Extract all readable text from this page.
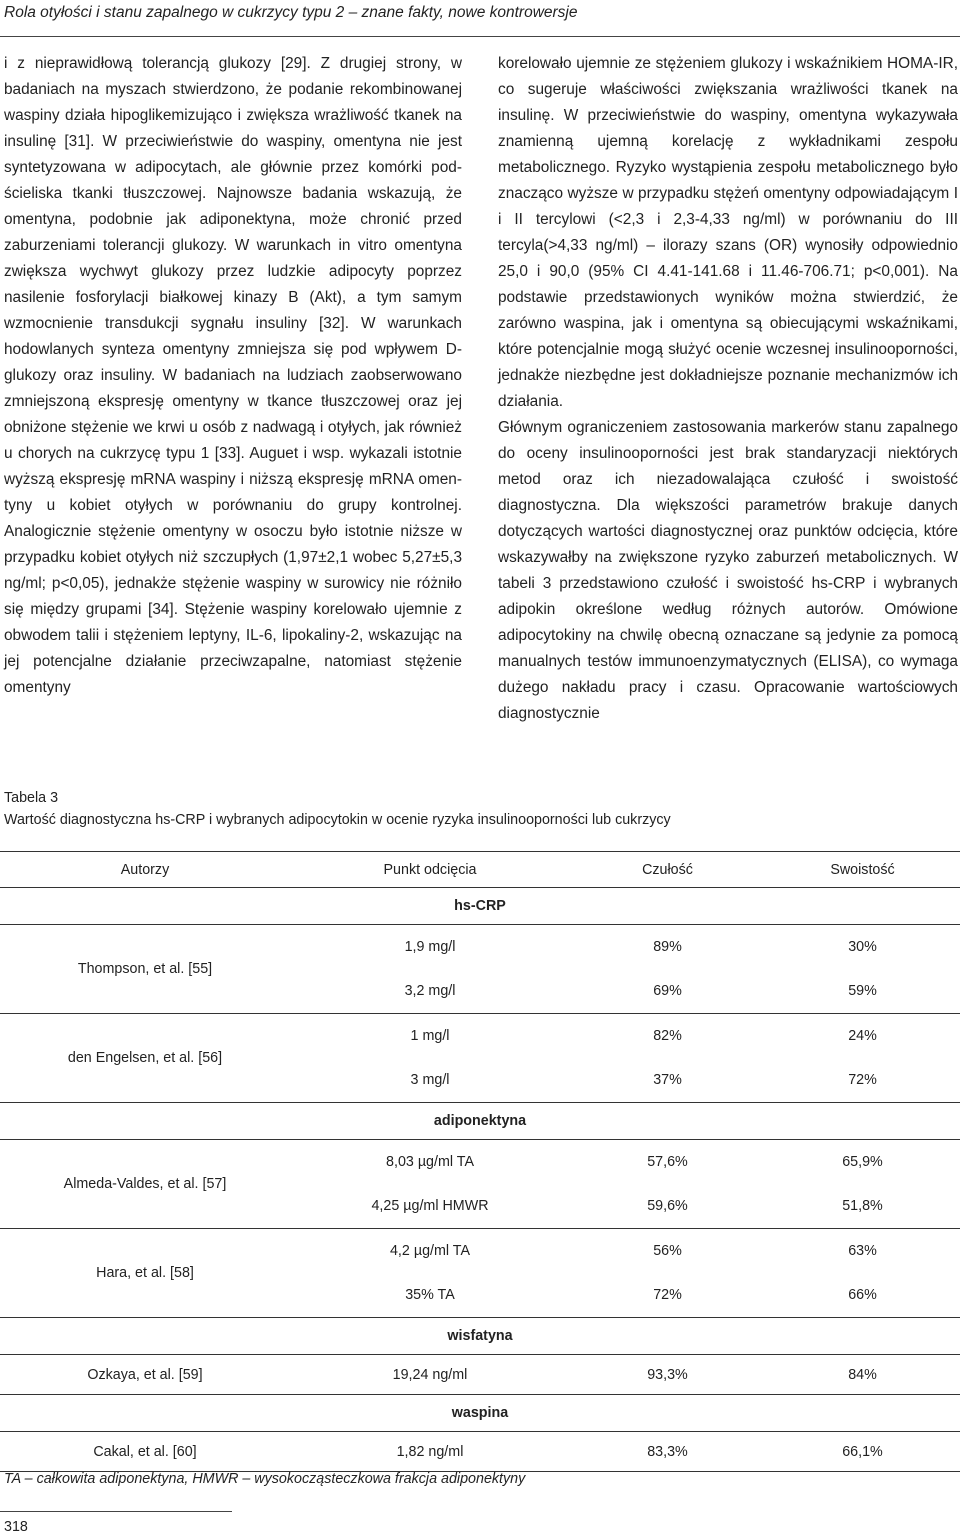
Rola otyłości i stanu zapalnego w cukrzycy typu 2 – znane fakty, nowe kontrowersje

i z nieprawidłową tolerancją glukozy [29]. Z drugiej strony, w badaniach na myszach stwierdzono, że podanie rekombinowanej waspiny działa hipoglikemizująco i zwiększa wrażliwość tkanek na insulinę [31]. W przeciwieństwie do waspiny, omentyna nie jest syntetyzowana w adipocytach, ale głównie przez komórki podścieliska tkanki tłuszczowej. Najnowsze badania wskazują, że omentyna, podobnie jak adiponektyna, może chronić przed zaburzeniami tolerancji glukozy. W warunkach in vitro omentyna zwiększa wychwyt glukozy przez ludzkie adipocyty poprzez nasilenie fosforylacji białkowej kinazy B (Akt), a tym samym wzmocnienie transdukcji sygnału insuliny [32]. W warunkach hodowlanych synteza omentyny zmniejsza się pod wpływem D-glukozy oraz insuliny. W badaniach na ludziach zaobserwowano zmniejszoną ekspresję omentyny w tkance tłuszczowej oraz jej obniżone stężenie we krwi u osób z nadwagą i otyłych, jak również u chorych na cukrzycę typu 1 [33]. Auguet i wsp. wykazali istotnie wyższą ekspresję mRNA waspiny i niższą ekspresję mRNA omentyny u kobiet otyłych w porównaniu do grupy kontrolnej. Analogicznie stężenie omentyny w osoczu było istotnie niższe w przypadku kobiet otyłych niż szczupłych (1,97±2,1 wobec 5,27±5,3 ng/ml; p<0,05), jednakże stężenie waspiny w surowicy nie różniło się między grupami [34]. Stężenie waspiny korelowało ujemnie z obwodem talii i stężeniem leptyny, IL-6, lipokaliny-2, wskazując na jej potencjalne działanie przeciwzapalne, natomiast stężenie omentyny

korelowało ujemnie ze stężeniem glukozy i wskaźnikiem HOMA-IR, co sugeruje właściwości zwiększania wrażliwości tkanek na insulinę. W przeciwieństwie do waspiny, omentyna wykazywała znamienną ujemną korelację z wykładnikami zespołu metabolicznego. Ryzyko wystąpienia zespołu metabolicznego było znacząco wyższe w przypadku stężeń omentyny odpowiadającym I i II tercylowi (<2,3 i 2,3-4,33 ng/ml) w porównaniu do III tercyla(>4,33 ng/ml) – ilorazy szans (OR) wynosiły odpowiednio 25,0 i 90,0 (95% CI 4.41-141.68 i 11.46-706.71; p<0,001). Na podstawie przedstawionych wyników można stwierdzić, że zarówno waspina, jak i omentyna są obiecującymi wskaźnikami, które potencjalnie mogą służyć ocenie wczesnej insulinooporności, jednakże niezbędne jest dokładniejsze poznanie mechanizmów ich działania.

Głównym ograniczeniem zastosowania markerów stanu zapalnego do oceny insulinooporności jest brak standaryzacji niektórych metod oraz ich niezadowalająca czułość i swoistość diagnostyczna. Dla większości parametrów brakuje danych dotyczących wartości diagnostycznej oraz punktów odcięcia, które wskazywałby na zwiększone ryzyko zaburzeń metabolicznych. W tabeli 3 przedstawiono czułość i swoistość hs-CRP i wybranych adipokin określone według różnych autorów. Omówione adipocytokiny na chwilę obecną oznaczane są jedynie za pomocą manualnych testów immunoenzymatycznych (ELISA), co wymaga dużego nakładu pracy i czasu. Opracowanie wartościowych diagnostycznie

Tabela 3
Wartość diagnostyczna hs-CRP i wybranych adipocytokin w ocenie ryzyka insulinooporności lub cukrzycy
Autorzy	Punkt odcięcia	Czułość	Swoistość
hs-CRP			
Thompson, et al. [55]	1,9 mg/l	89%	30%
	3,2 mg/l	69%	59%
den Engelsen, et al. [56]	1 mg/l	82%	24%
	3 mg/l	37%	72%
adiponektyna			
Almeda-Valdes, et al. [57]	8,03 µg/ml TA	57,6%	65,9%
	4,25 µg/ml HMWR	59,6%	51,8%
Hara, et al. [58]	4,2 µg/ml TA	56%	63%
	35% TA	72%	66%
wisfatyna			
Ozkaya, et al. [59]	19,24 ng/ml	93,3%	84%
waspina			
Cakal, et al. [60]	1,82 ng/ml	83,3%	66,1%
TA – całkowita adiponektyna, HMWR – wysokocząsteczkowa frakcja adiponektyny
318
